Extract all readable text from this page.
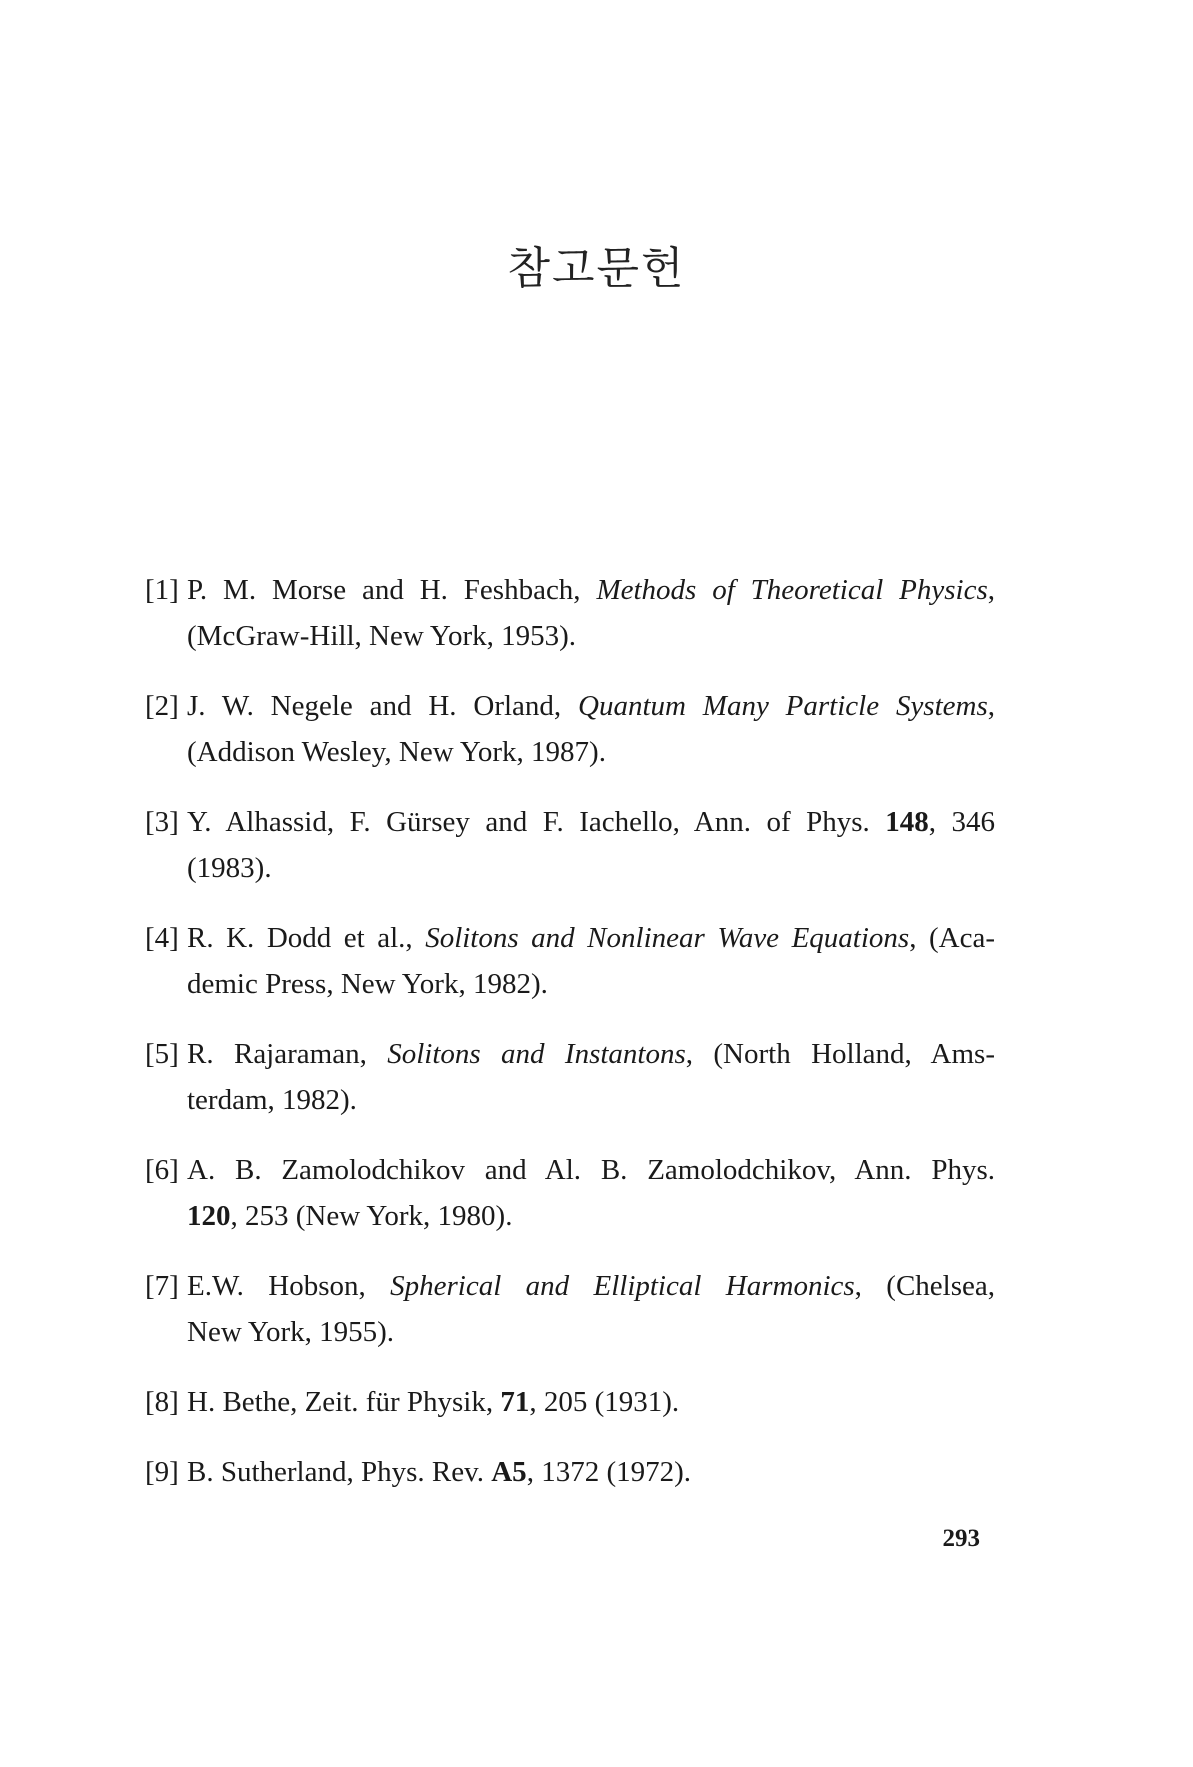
참고문헌
[1] P. M. Morse and H. Feshbach, Methods of Theoretical Physics,
(McGraw-Hill, New York, 1953).
[2] J. W. Negele and H. Orland, Quantum Many Particle Systems,
(Addison Wesley, New York, 1987).
[3] Y. Alhassid, F. Gürsey and F. Iachello, Ann. of Phys. 148, 346
(1983).
[4] R. K. Dodd et al., Solitons and Nonlinear Wave Equations, (Aca-
demic Press, New York, 1982).
[5] R. Rajaraman, Solitons and Instantons, (North Holland, Ams-
terdam, 1982).
[6] A. B. Zamolodchikov and Al. B. Zamolodchikov, Ann. Phys.
120, 253 (New York, 1980).
[7] E.W. Hobson, Spherical and Elliptical Harmonics, (Chelsea,
New York, 1955).
[8] H. Bethe, Zeit. für Physik, 71, 205 (1931).
[9] B. Sutherland, Phys. Rev. A5, 1372 (1972).
293
